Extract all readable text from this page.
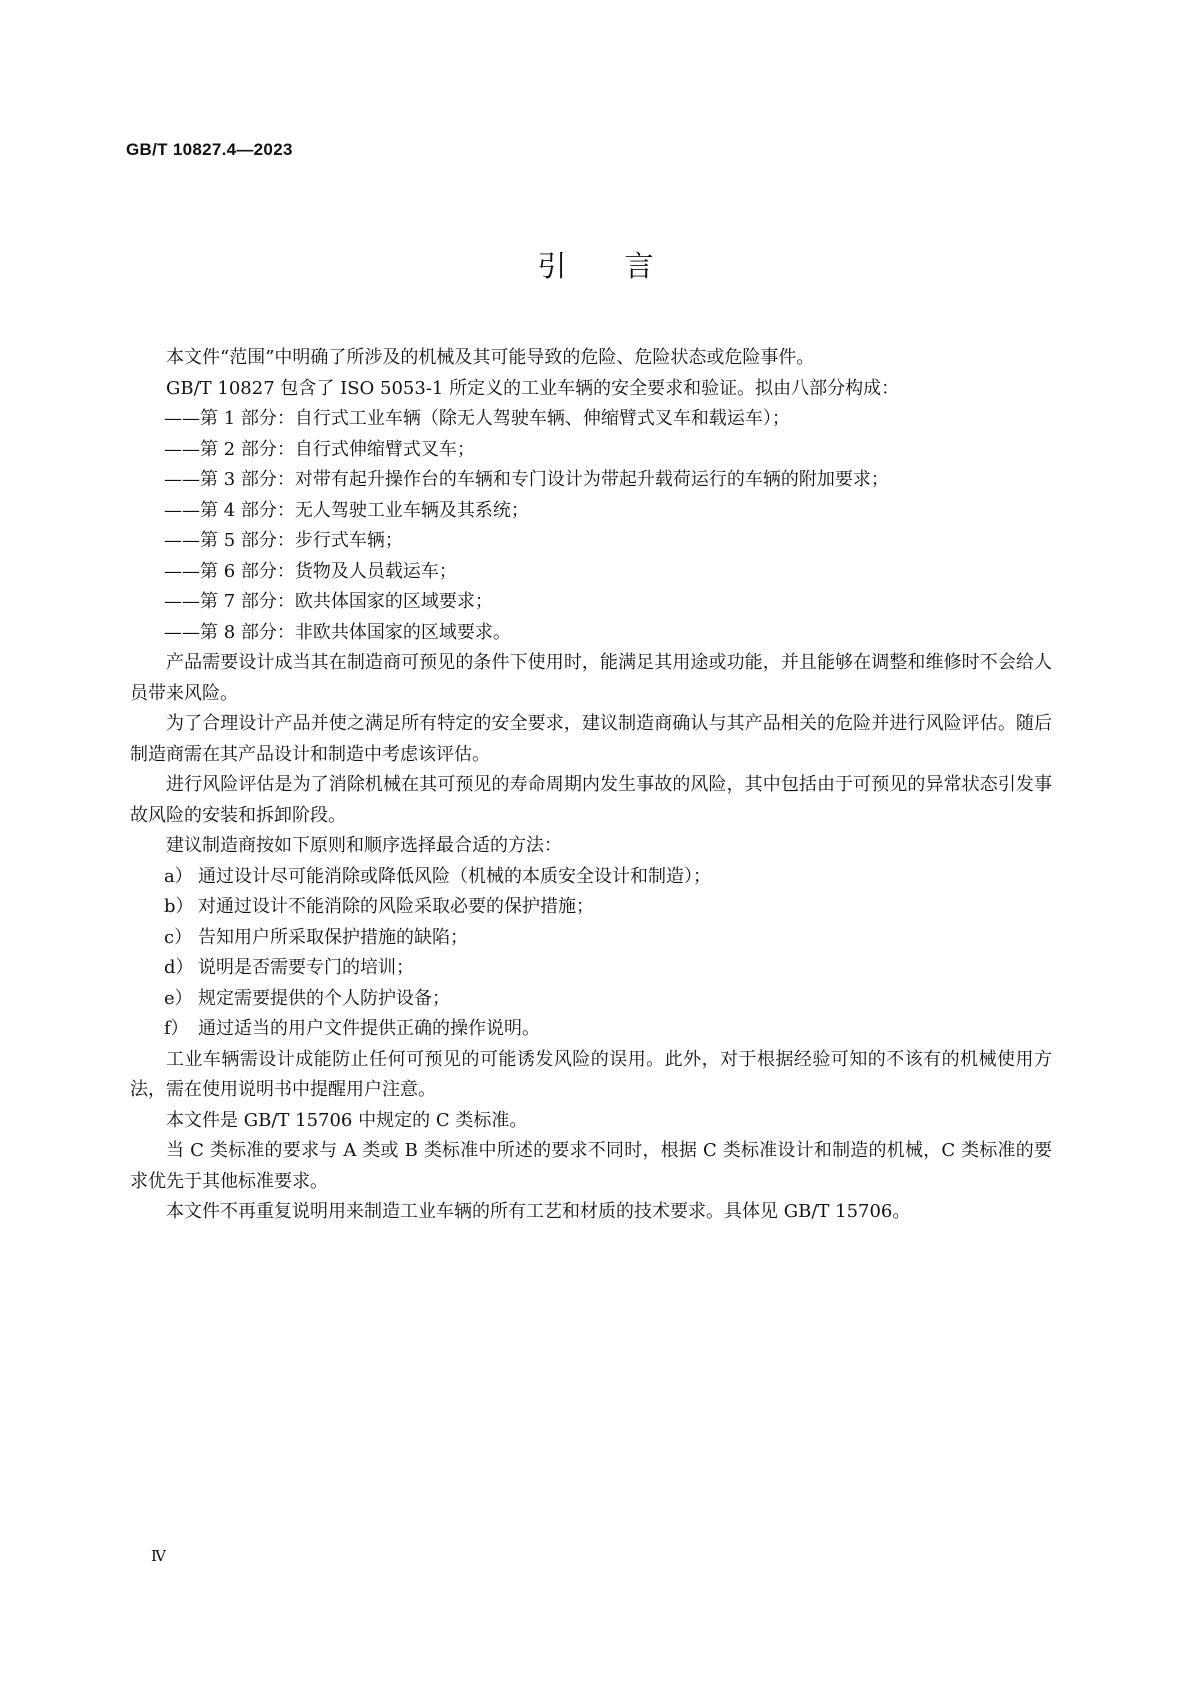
GB/T 10827.4—2023
引　　言

本文件“范围”中明确了所涉及的机械及其可能导致的危险、危险状态或危险事件。

GB/T 10827 包含了 ISO 5053-1 所定义的工业车辆的安全要求和验证。拟由八部分构成：

——第 1 部分：自行式工业车辆（除无人驾驶车辆、伸缩臂式叉车和载运车）；

——第 2 部分：自行式伸缩臂式叉车；

——第 3 部分：对带有起升操作台的车辆和专门设计为带起升载荷运行的车辆的附加要求；

——第 4 部分：无人驾驶工业车辆及其系统；

——第 5 部分：步行式车辆；

——第 6 部分：货物及人员载运车；

——第 7 部分：欧共体国家的区域要求；

——第 8 部分：非欧共体国家的区域要求。

产品需要设计成当其在制造商可预见的条件下使用时，能满足其用途或功能，并且能够在调整和维修时不会给人员带来风险。

为了合理设计产品并使之满足所有特定的安全要求，建议制造商确认与其产品相关的危险并进行风险评估。随后制造商需在其产品设计和制造中考虑该评估。

进行风险评估是为了消除机械在其可预见的寿命周期内发生事故的风险，其中包括由于可预见的异常状态引发事故风险的安装和拆卸阶段。

建议制造商按如下原则和顺序选择最合适的方法：

a） 通过设计尽可能消除或降低风险（机械的本质安全设计和制造）；
b） 对通过设计不能消除的风险采取必要的保护措施；
c） 告知用户所采取保护措施的缺陷；
d） 说明是否需要专门的培训；
e） 规定需要提供的个人防护设备；
f） 通过适当的用户文件提供正确的操作说明。

工业车辆需设计成能防止任何可预见的可能诱发风险的误用。此外，对于根据经验可知的不该有的机械使用方法，需在使用说明书中提醒用户注意。

本文件是 GB/T 15706 中规定的 C 类标准。

当 C 类标准的要求与 A 类或 B 类标准中所述的要求不同时，根据 C 类标准设计和制造的机械，C 类标准的要求优先于其他标准要求。

本文件不再重复说明用来制造工业车辆的所有工艺和材质的技术要求。具体见 GB/T 15706。

Ⅳ
